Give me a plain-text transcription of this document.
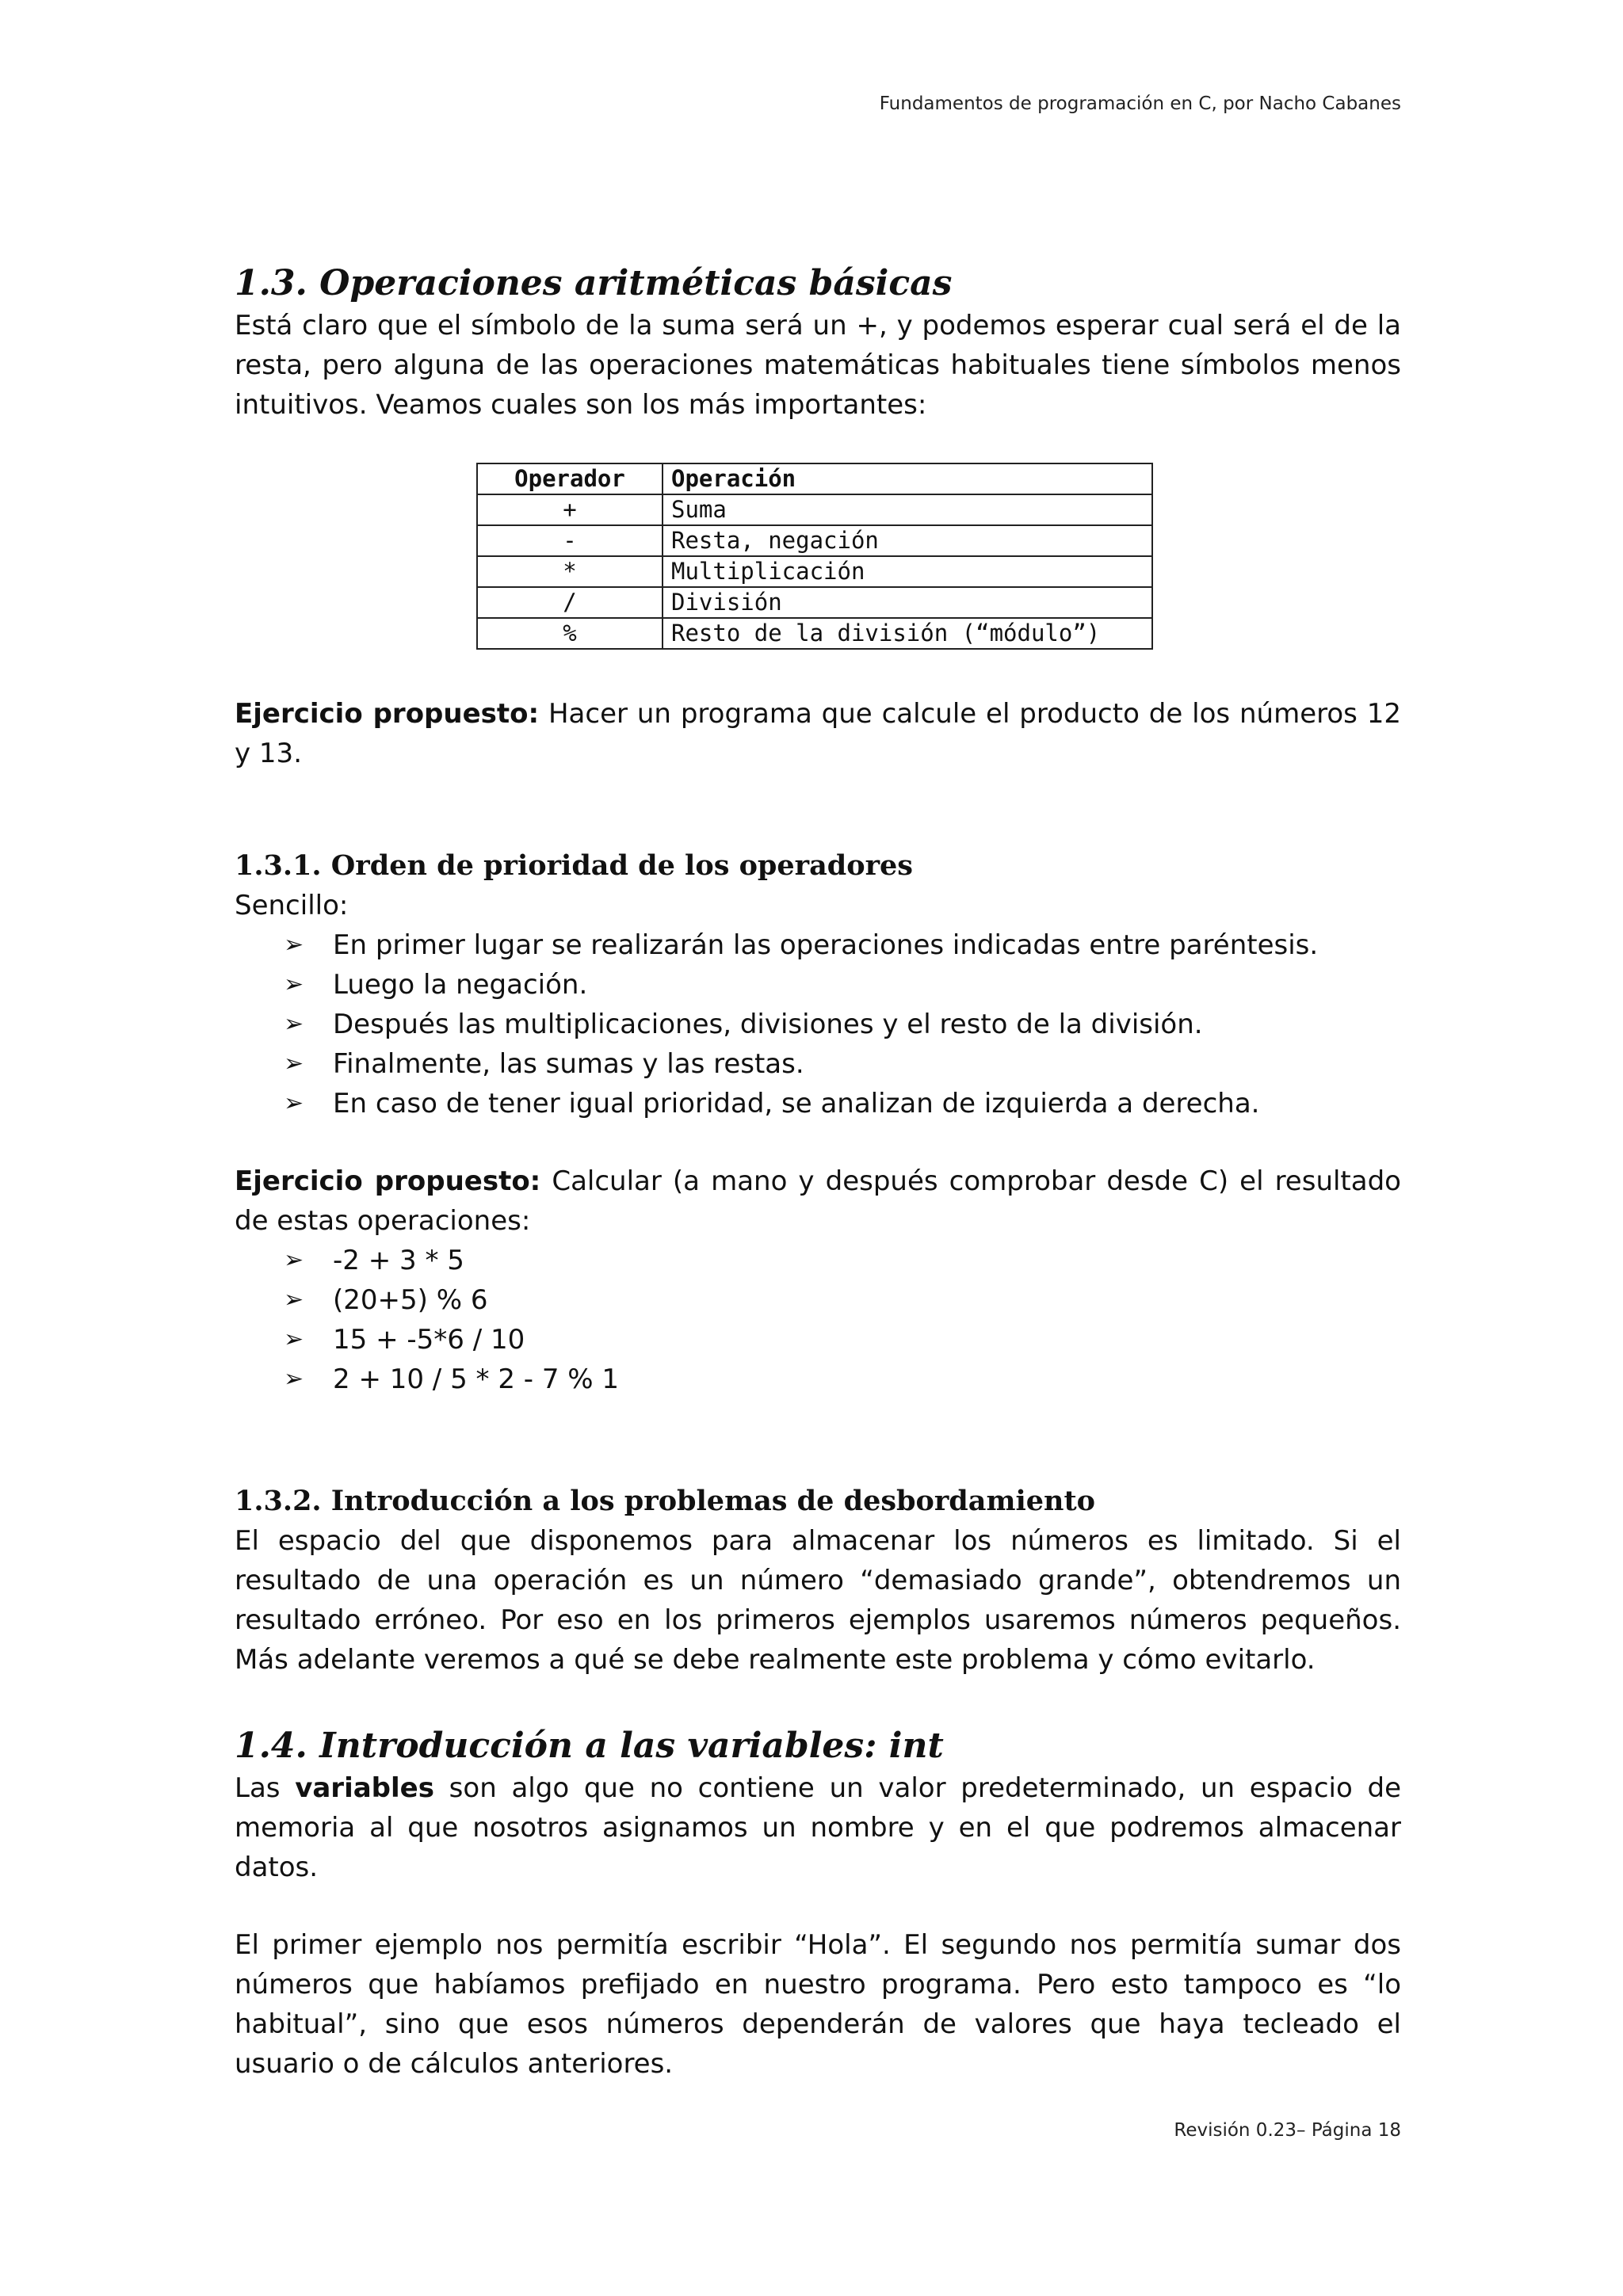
Fundamentos de programación en C, por Nacho Cabanes
1.3. Operaciones aritméticas básicas

Está claro que el símbolo de la suma será un +, y podemos esperar cual será el de la resta, pero alguna de las operaciones matemáticas habituales tiene símbolos menos intuitivos. Veamos cuales son los más importantes:

Operador	Operación
+	Suma
-	Resta, negación
*	Multiplicación
/	División
%	Resto de la división (“módulo”)

Ejercicio propuesto: Hacer un programa que calcule el producto de los números 12 y 13.

1.3.1. Orden de prioridad de los operadores

Sencillo:

➢ En primer lugar se realizarán las operaciones indicadas entre paréntesis.
➢ Luego la negación.
➢ Después las multiplicaciones, divisiones y el resto de la división.
➢ Finalmente, las sumas y las restas.
➢ En caso de tener igual prioridad, se analizan de izquierda a derecha.

Ejercicio propuesto: Calcular (a mano y después comprobar desde C) el resultado de estas operaciones:

➢ -2 + 3 * 5
➢ (20+5) % 6
➢ 15 + -5*6 / 10
➢ 2 + 10 / 5 * 2 - 7 % 1
1.3.2. Introducción a los problemas de desbordamiento

El espacio del que disponemos para almacenar los números es limitado. Si el resultado de una operación es un número “demasiado grande”, obtendremos un resultado erróneo. Por eso en los primeros ejemplos usaremos números pequeños. Más adelante veremos a qué se debe realmente este problema y cómo evitarlo.

1.4. Introducción a las variables: int

Las variables son algo que no contiene un valor predeterminado, un espacio de memoria al que nosotros asignamos un nombre y en el que podremos almacenar datos.

El primer ejemplo nos permitía escribir “Hola”. El segundo nos permitía sumar dos números que habíamos prefijado en nuestro programa. Pero esto tampoco es “lo habitual”, sino que esos números dependerán de valores que haya tecleado el usuario o de cálculos anteriores.

Revisión 0.23– Página 18
